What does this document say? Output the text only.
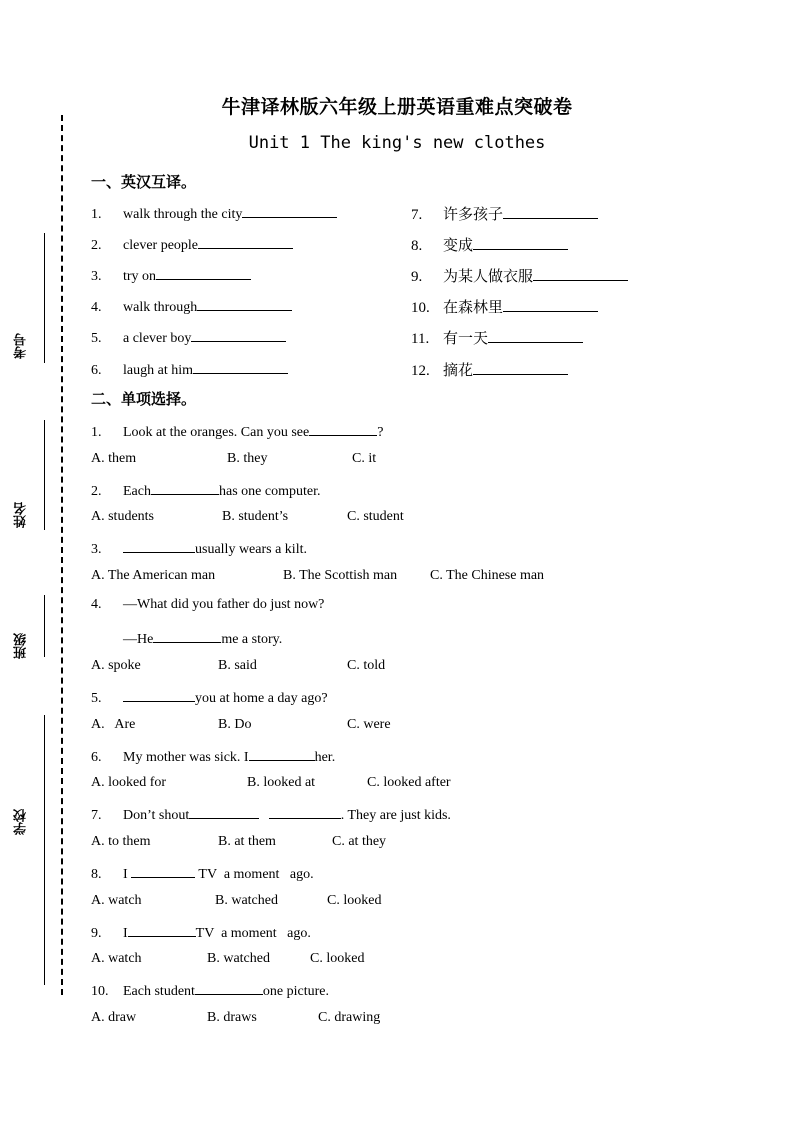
考号
姓名
班级
学校
牛津译林版六年级上册英语重难点突破卷
Unit 1 The king's new clothes
一、英汉互译。
1. walk through the city
2. clever people
3. try on
4. walk through
5. a clever boy
6. laugh at him
7. 许多孩子
8. 变成
9. 为某人做衣服
10. 在森林里
11. 有一天
12. 摘花
二、单项选择。
1. Look at the oranges. Can you see	?
A. them	B. they	C. it
2. Each	has one computer.
A. students	B. student’s	C. student
3.	usually wears a kilt.
A. The American man	B. The Scottish man C. The Chinese man
4. —What did you father do just now?
—He	me a story.
A. spoke	B. said	C. told
5.	you at home a day ago?
A.   Are	B. Do	C. were
6. My mother was sick. I	her.
A. looked for	B. looked at	C. looked after
7. Don’t shout	. They are just kids.
A. to them	B. at them	C. at they
8. I	TV  a moment   ago.
A. watch	B. watched	C. looked
9. I	TV  a moment   ago.
A. watch	B. watched	C. looked
10. Each student	one picture.
A. draw	B. draws	C. drawing
